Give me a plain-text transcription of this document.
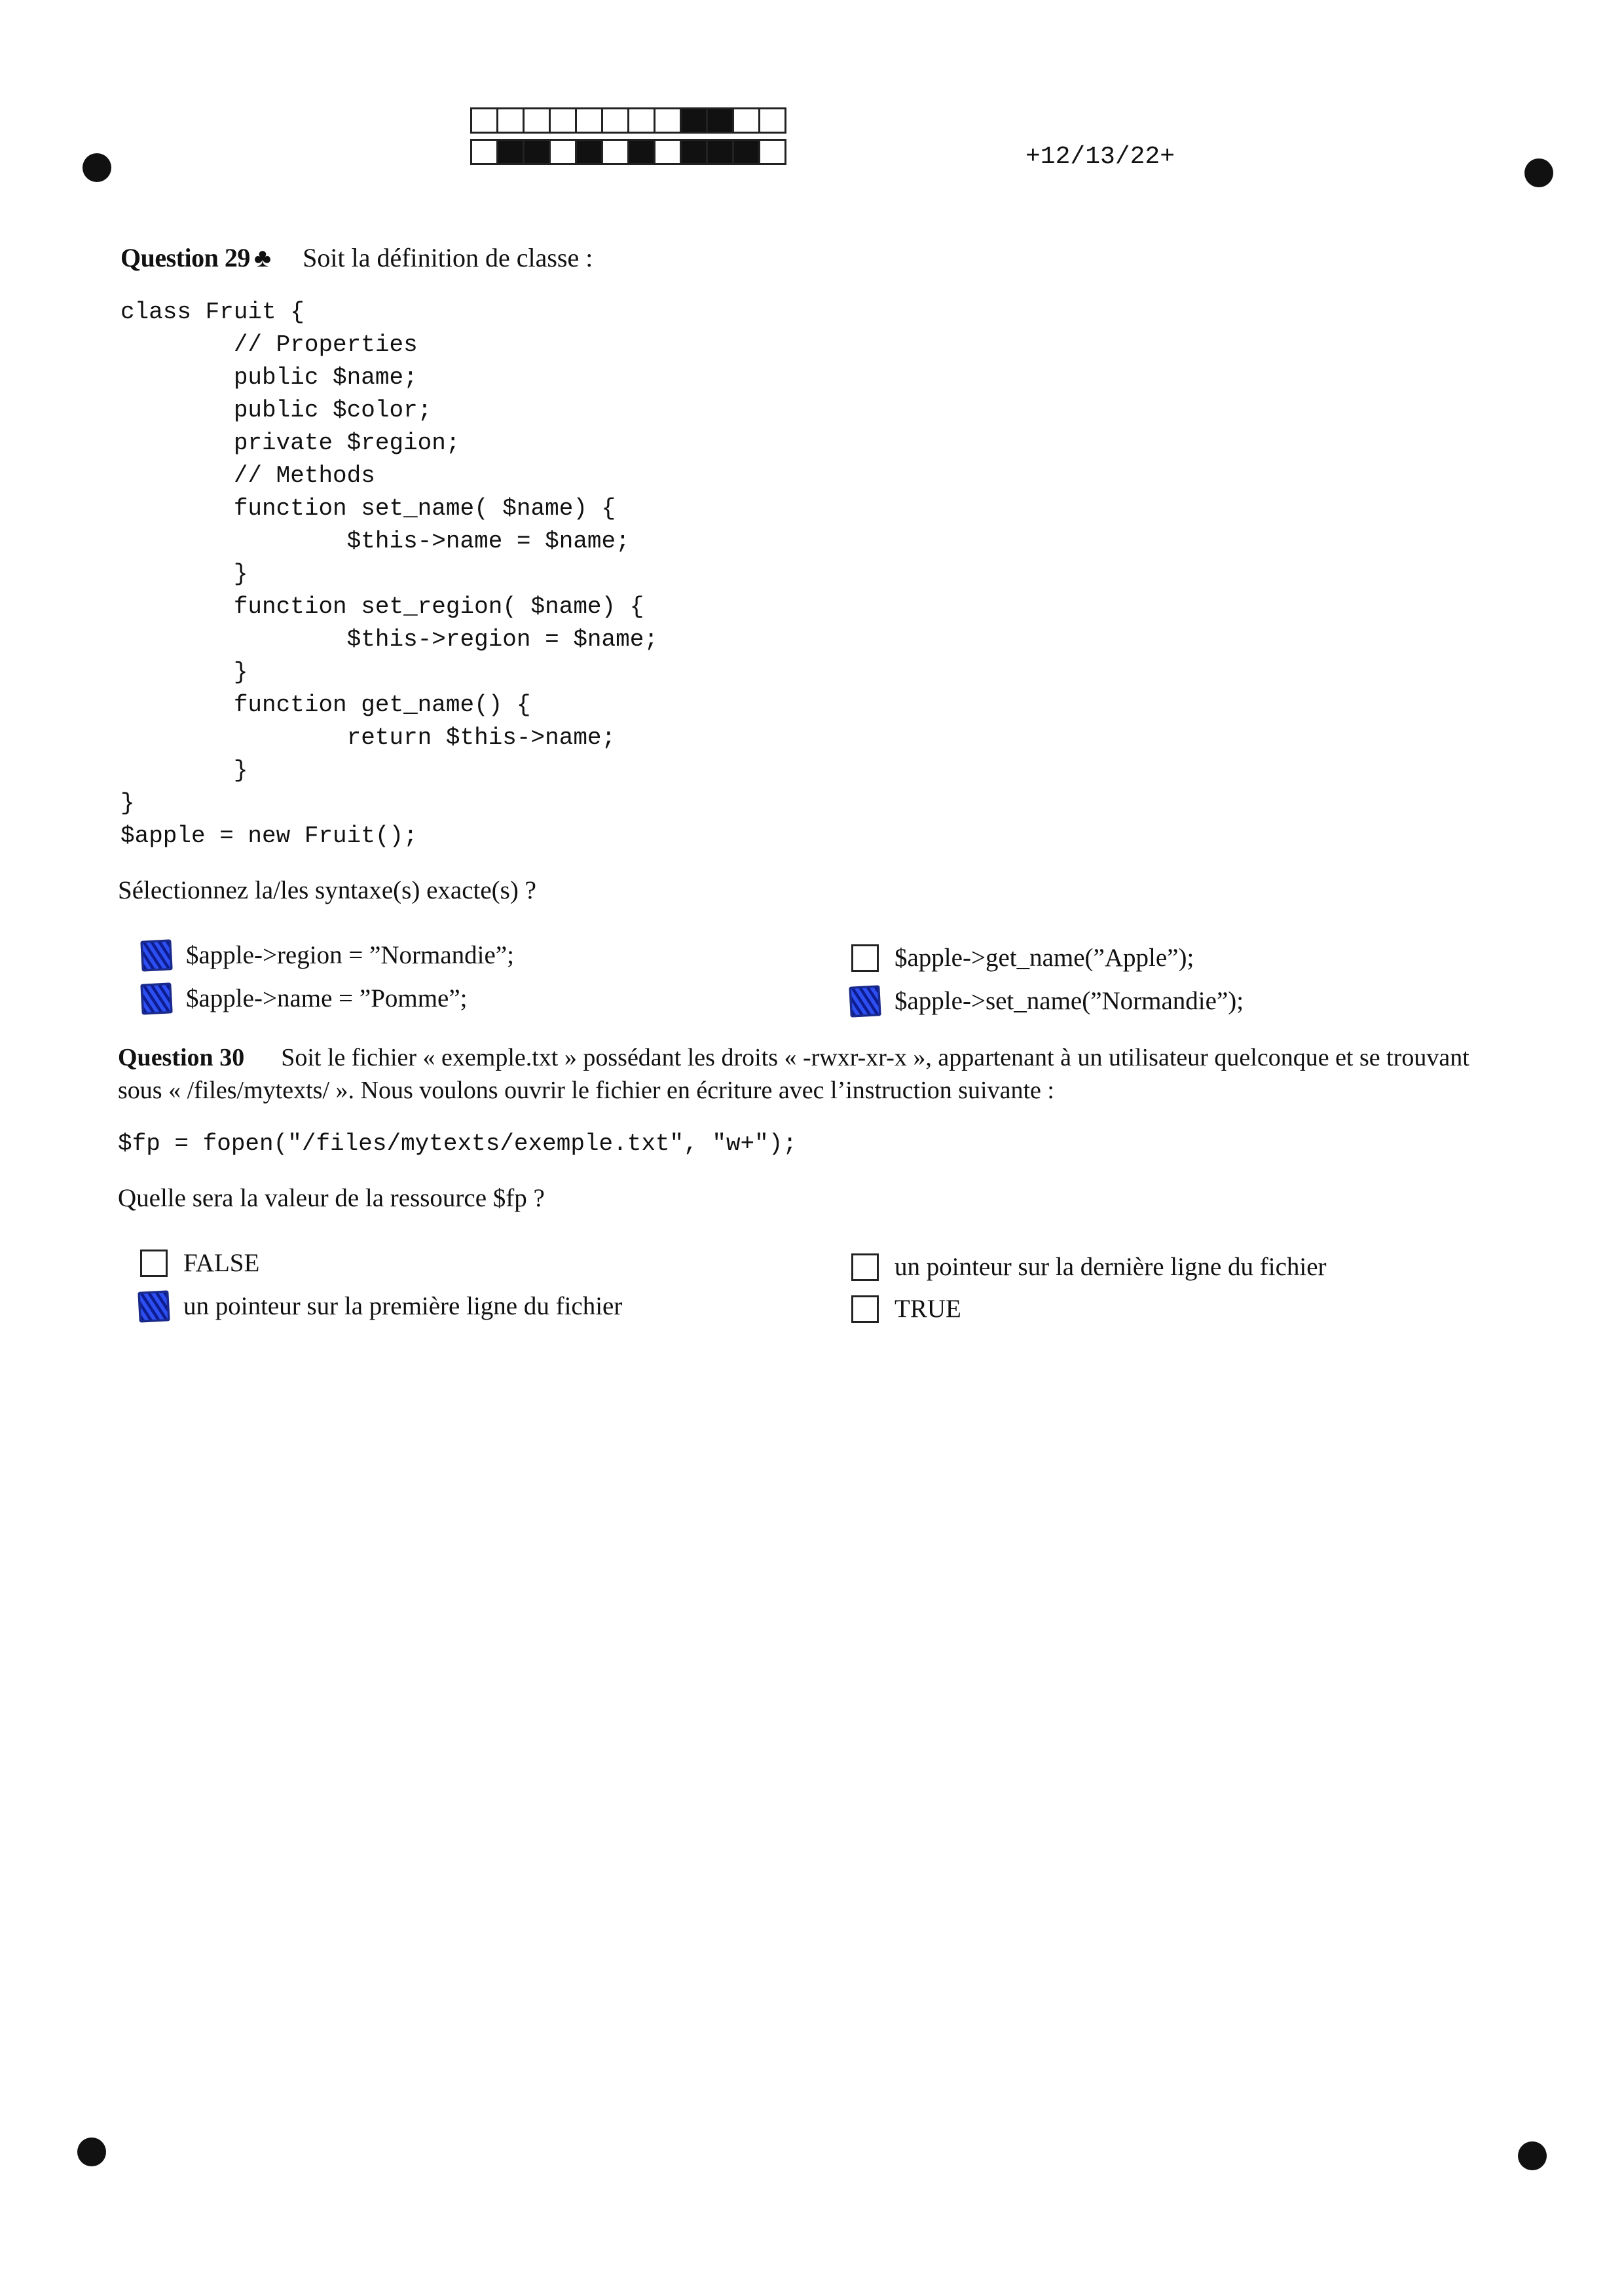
+12/13/22+
Question 29 ♣ Soit la définition de classe :
class Fruit {
// Properties
public $name;
public $color;
private $region;
// Methods
function set_name( $name) {
$this->name = $name;
}
function set_region( $name) {
$this->region = $name;
}
function get_name() {
return $this->name;
}
}
$apple = new Fruit();
Sélectionnez la/les syntaxe(s) exacte(s) ?
$apple->region = ”Normandie”;
$apple->name = ”Pomme”;
$apple->get_name(”Apple”);
$apple->set_name(”Normandie”);
Question 30 Soit le fichier « exemple.txt » possédant les droits « -rwxr-xr-x », appartenant à un utilisateur quelconque et se trouvant sous « /files/mytexts/ ». Nous voulons ouvrir le fichier en écriture avec l’instruction suivante :
$fp = fopen("/files/mytexts/exemple.txt", "w+");
Quelle sera la valeur de la ressource $fp ?
FALSE
un pointeur sur la première ligne du fichier
un pointeur sur la dernière ligne du fichier
TRUE
